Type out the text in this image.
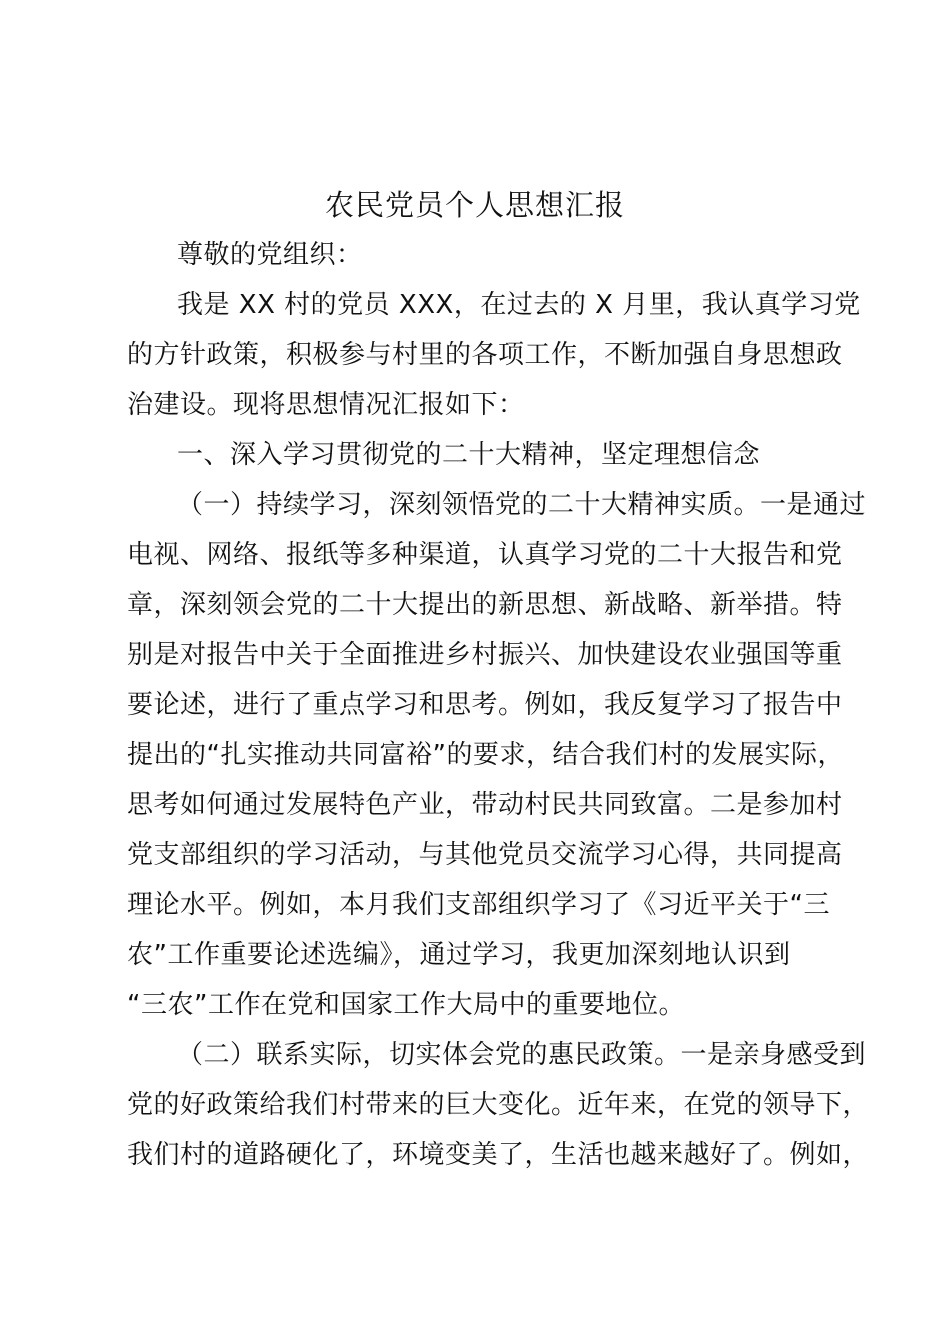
农民党员个人思想汇报
尊敬的党组织：
我是 XX 村的党员 XXX，在过去的 X 月里，我认真学习党
的方针政策，积极参与村里的各项工作，不断加强自身思想政
治建设。现将思想情况汇报如下：
一、深入学习贯彻党的二十大精神，坚定理想信念
（一）持续学习，深刻领悟党的二十大精神实质。一是通过
电视、网络、报纸等多种渠道，认真学习党的二十大报告和党
章，深刻领会党的二十大提出的新思想、新战略、新举措。特
别是对报告中关于全面推进乡村振兴、加快建设农业强国等重
要论述，进行了重点学习和思考。例如，我反复学习了报告中
提出的“扎实推动共同富裕”的要求，结合我们村的发展实际，
思考如何通过发展特色产业，带动村民共同致富。二是参加村
党支部组织的学习活动，与其他党员交流学习心得，共同提高
理论水平。例如，本月我们支部组织学习了《习近平关于“三
农”工作重要论述选编》，通过学习，我更加深刻地认识到
“三农”工作在党和国家工作大局中的重要地位。
（二）联系实际，切实体会党的惠民政策。一是亲身感受到
党的好政策给我们村带来的巨大变化。近年来，在党的领导下，
我们村的道路硬化了，环境变美了，生活也越来越好了。例如，
